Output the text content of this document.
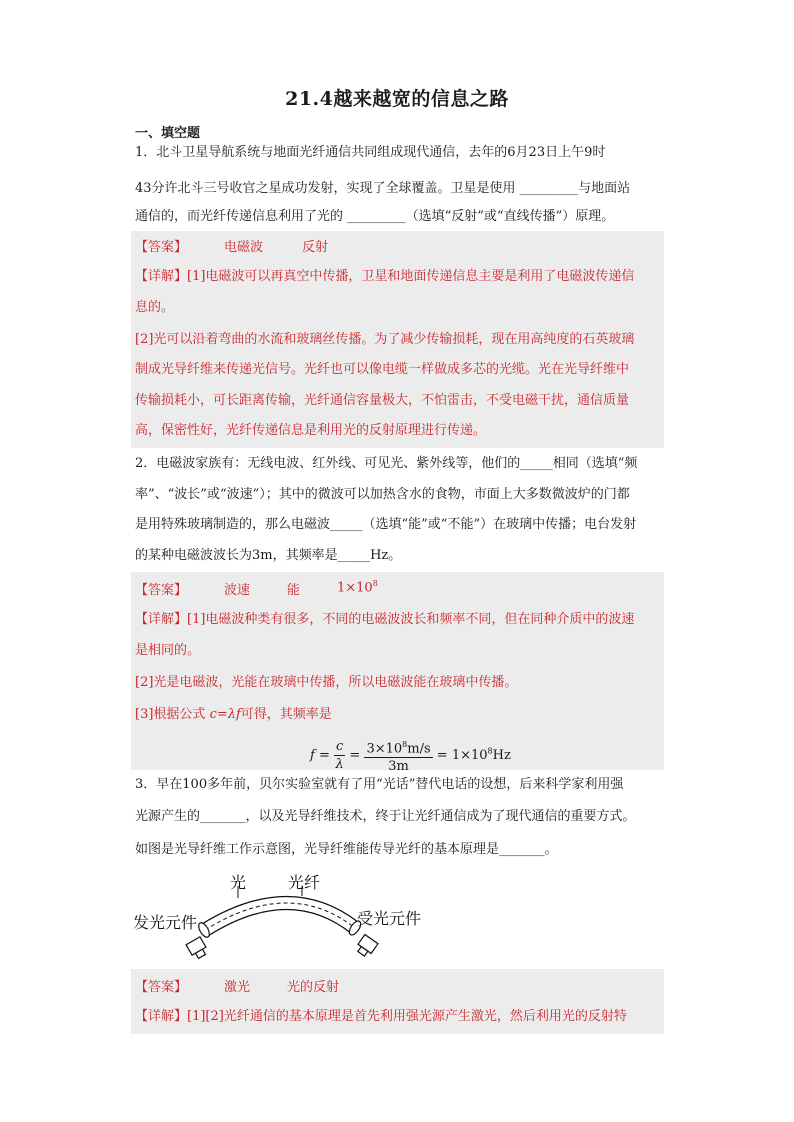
21.4越来越宽的信息之路
一、填空题
1．北斗卫星导航系统与地面光纤通信共同组成现代通信，去年的6月23日上午9时
43分许北斗三号收官之星成功发射，实现了全球覆盖。卫星是使用 _________与地面站
通信的，而光纤传递信息利用了光的 _________（选填“反射”或“直线传播”）原理。
【答案】	电磁波	反射
【详解】[1]电磁波可以再真空中传播，卫星和地面传递信息主要是利用了电磁波传递信
息的。
[2]光可以沿着弯曲的水流和玻璃丝传播。为了减少传输损耗，现在用高纯度的石英玻璃
制成光导纤维来传递光信号。光纤也可以像电缆一样做成多芯的光缆。光在光导纤维中
传输损耗小，可长距离传输，光纤通信容量极大，不怕雷击，不受电磁干扰，通信质量
高，保密性好，光纤传递信息是利用光的反射原理进行传递。
2．电磁波家族有：无线电波、红外线、可见光、紫外线等，他们的_____相同（选填“频
率”、“波长”或“波速”）；其中的微波可以加热含水的食物，市面上大多数微波炉的门都
是用特殊玻璃制造的，那么电磁波_____（选填“能”或“不能”）在玻璃中传播；电台发射
的某种电磁波波长为3m，其频率是_____Hz。
【答案】	波速	能	$1\times 10^8$
【详解】[1]电磁波种类有很多，不同的电磁波波长和频率不同，但在同种介质中的波速
是相同的。
[2]光是电磁波，光能在玻璃中传播，所以电磁波能在玻璃中传播。
[3]根据公式 c=λf可得，其频率是
$f = \frac{c}{\lambda} = \frac{3\times 10^8m/s}{3m} = 1\times 10^8Hz$
3．早在100多年前，贝尔实验室就有了用“光话”替代电话的设想，后来科学家利用强
光源产生的_______，以及光导纤维技术，终于让光纤通信成为了现代通信的重要方式。
如图是光导纤维工作示意图，光导纤维能传导光纤的基本原理是_______。
光	光纤
发光元件	受光元件
【答案】	激光	光的反射
【详解】[1][2]光纤通信的基本原理是首先利用强光源产生激光，然后利用光的反射特
